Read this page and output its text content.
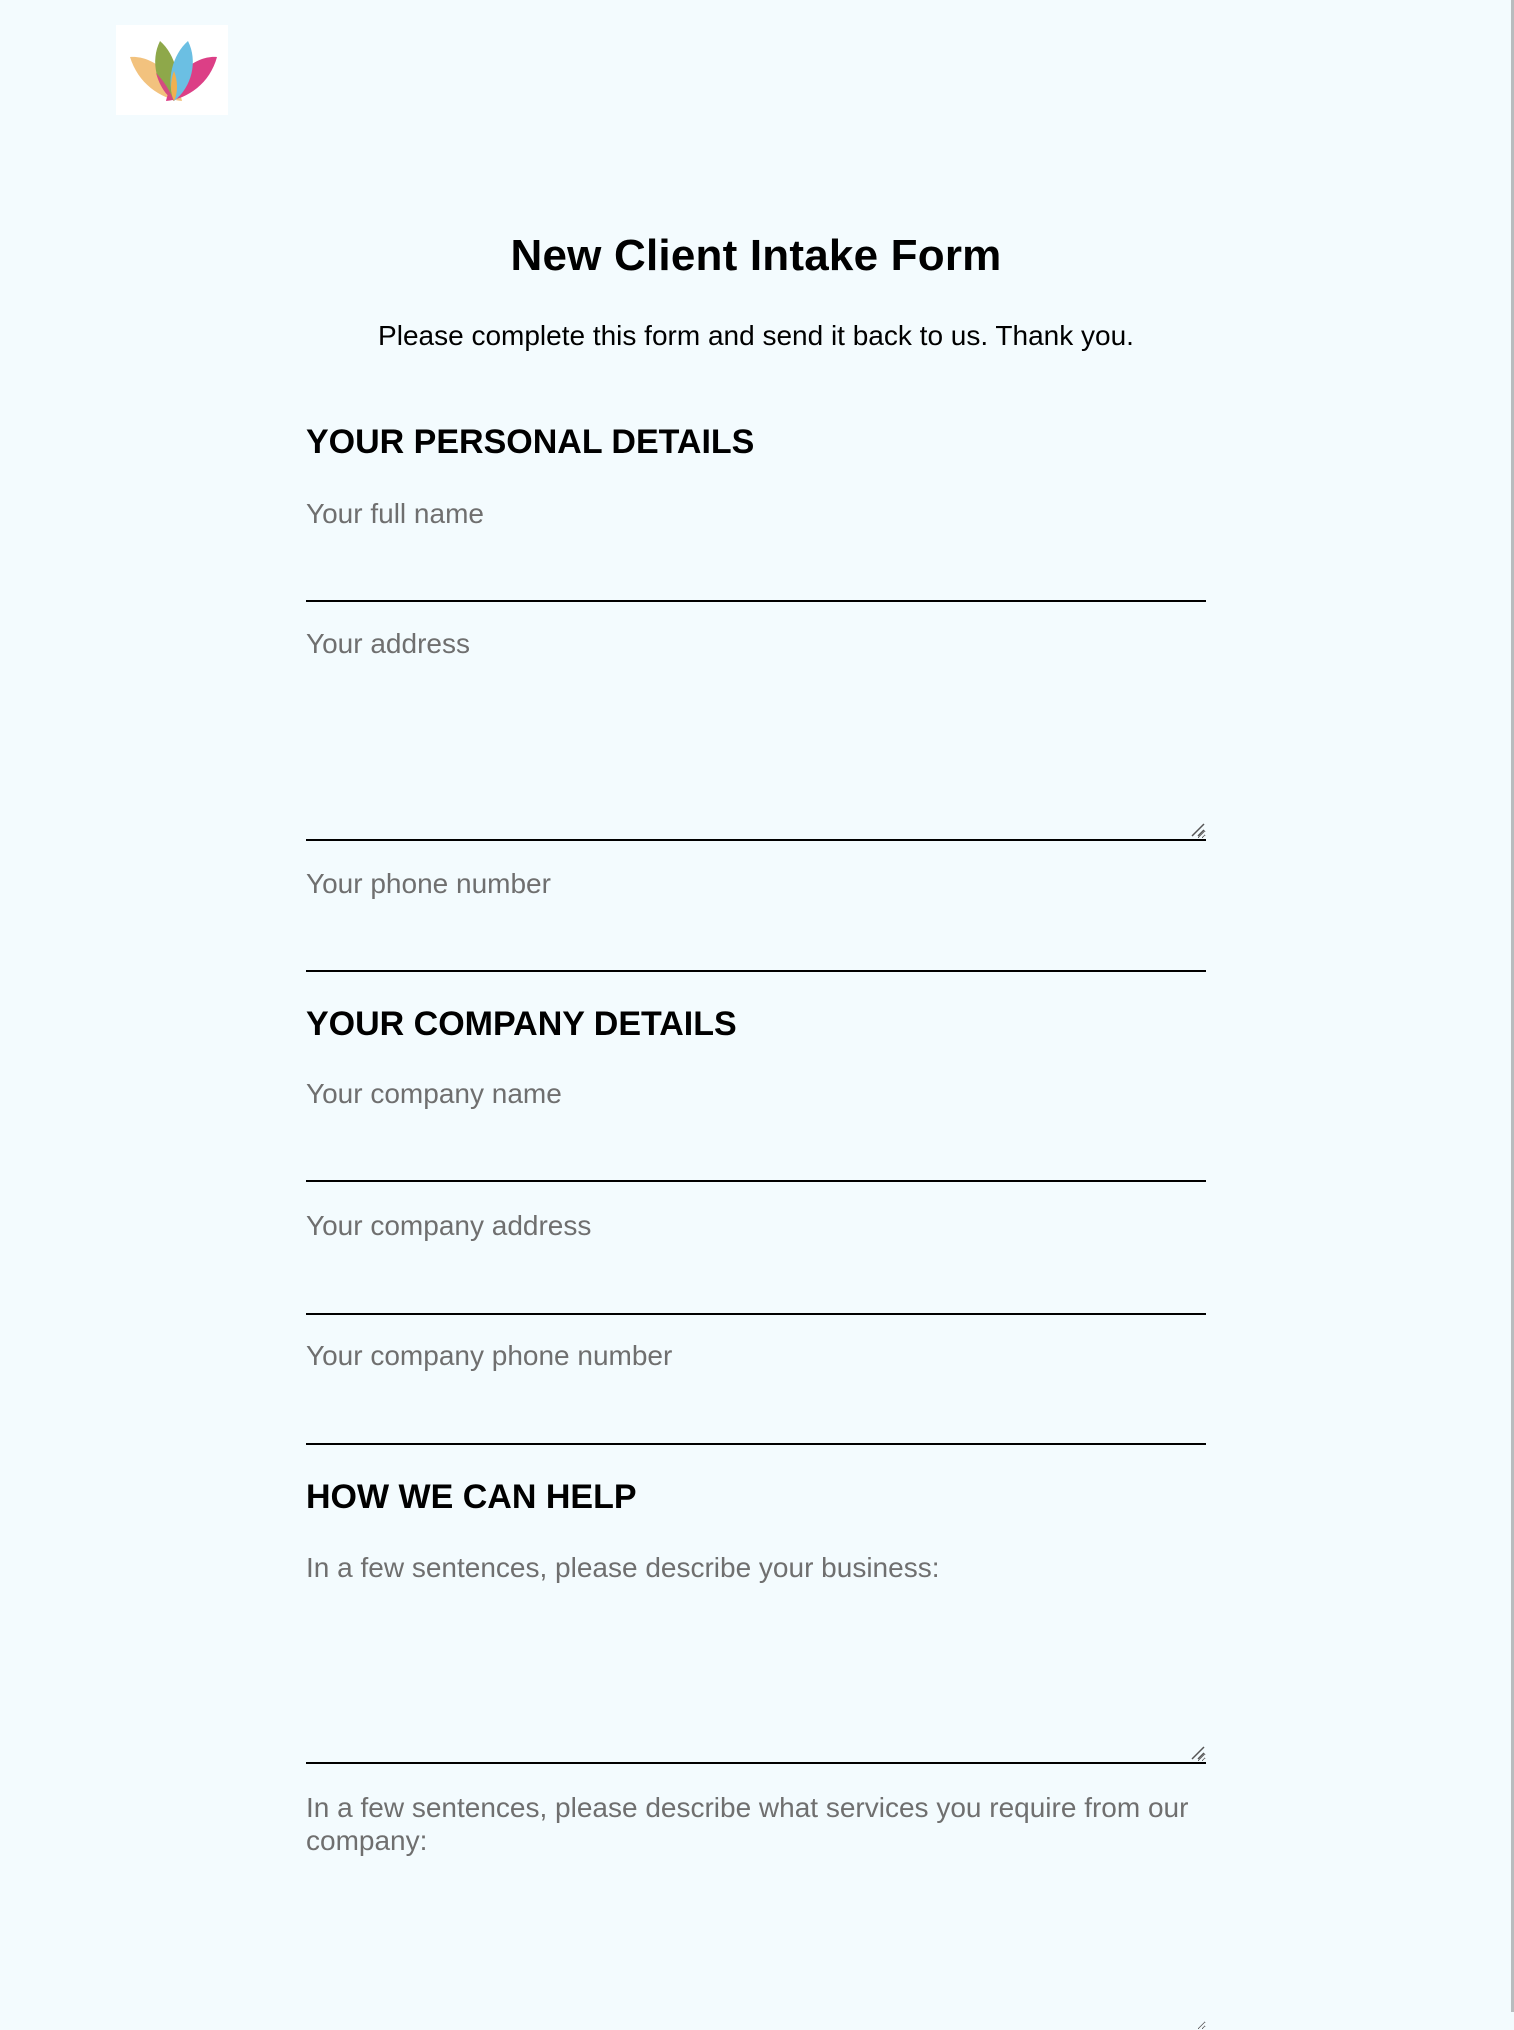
New Client Intake Form
Please complete this form and send it back to us. Thank you.
YOUR PERSONAL DETAILS
Your full name
Your address
Your phone number
YOUR COMPANY DETAILS
Your company name
Your company address
Your company phone number
HOW WE CAN HELP
In a few sentences, please describe your business:
In a few sentences, please describe what services you require from our company:
